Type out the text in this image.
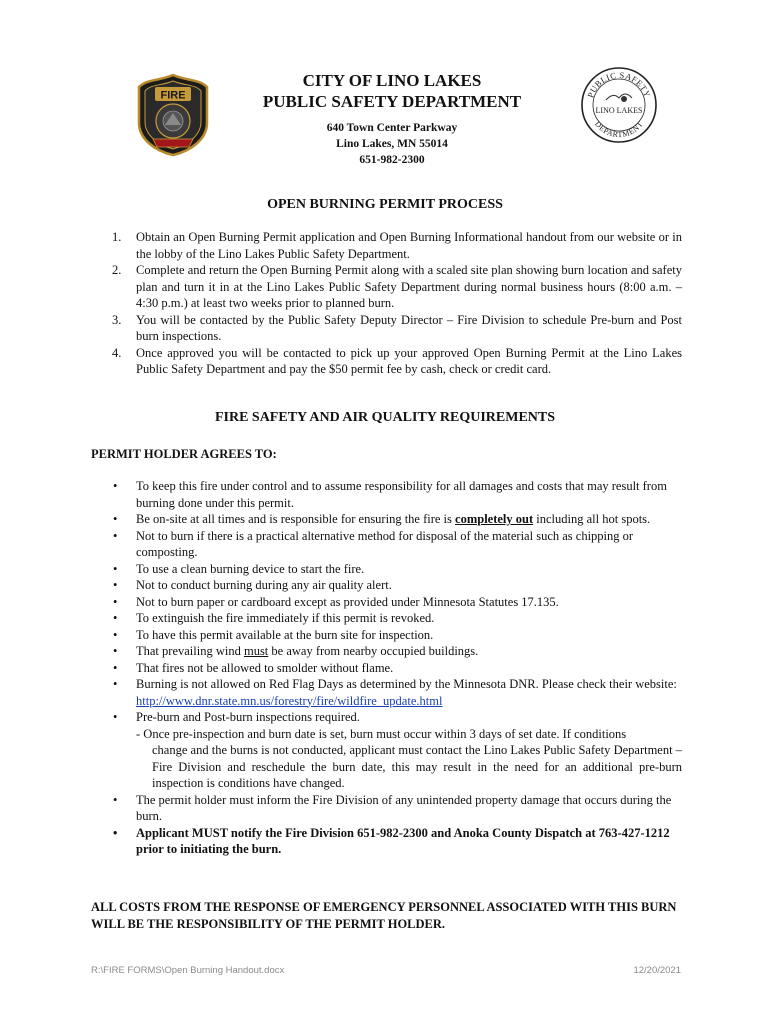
FIRE	PUBLIC SAFETY
DEPARTMENT
LINO LAKES
CITY OF LINO LAKES
PUBLIC SAFETY DEPARTMENT
640 Town Center Parkway
Lino Lakes, MN 55014
651-982-2300
OPEN BURNING PERMIT PROCESS
1. Obtain an Open Burning Permit application and Open Burning Informational handout from our website or in the lobby of the Lino Lakes Public Safety Department.
2. Complete and return the Open Burning Permit along with a scaled site plan showing burn location and safety plan and turn it in at the Lino Lakes Public Safety Department during normal business hours (8:00 a.m. – 4:30 p.m.) at least two weeks prior to planned burn.
3. You will be contacted by the Public Safety Deputy Director – Fire Division to schedule Pre-burn and Post burn inspections.
4. Once approved you will be contacted to pick up your approved Open Burning Permit at the Lino Lakes Public Safety Department and pay the $50 permit fee by cash, check or credit card.
FIRE SAFETY AND AIR QUALITY REQUIREMENTS
PERMIT HOLDER AGREES TO:
• To keep this fire under control and to assume responsibility for all damages and costs that may result from burning done under this permit.
• Be on-site at all times and is responsible for ensuring the fire is completely out including all hot spots.
• Not to burn if there is a practical alternative method for disposal of the material such as chipping or composting.
• To use a clean burning device to start the fire.
• Not to conduct burning during any air quality alert.
• Not to burn paper or cardboard except as provided under Minnesota Statutes 17.135.
• To extinguish the fire immediately if this permit is revoked.
• To have this permit available at the burn site for inspection.
• That prevailing wind must be away from nearby occupied buildings.
• That fires not be allowed to smolder without flame.
• Burning is not allowed on Red Flag Days as determined by the Minnesota DNR. Please check their website: http://www.dnr.state.mn.us/forestry/fire/wildfire_update.html
• Pre-burn and Post-burn inspections required.
- Once pre-inspection and burn date is set, burn must occur within 3 days of set date. If conditions
change and the burns is not conducted, applicant must contact the Lino Lakes Public Safety Department – Fire Division and reschedule the burn date, this may result in the need for an additional pre-burn inspection is conditions have changed.
• The permit holder must inform the Fire Division of any unintended property damage that occurs during the burn.
• Applicant MUST notify the Fire Division 651-982-2300 and Anoka County Dispatch at 763-427-1212 prior to initiating the burn.
ALL COSTS FROM THE RESPONSE OF EMERGENCY PERSONNEL ASSOCIATED WITH THIS BURN WILL BE THE RESPONSIBILITY OF THE PERMIT HOLDER.
R:\FIRE FORMS\Open Burning Handout.docx	12/20/2021
